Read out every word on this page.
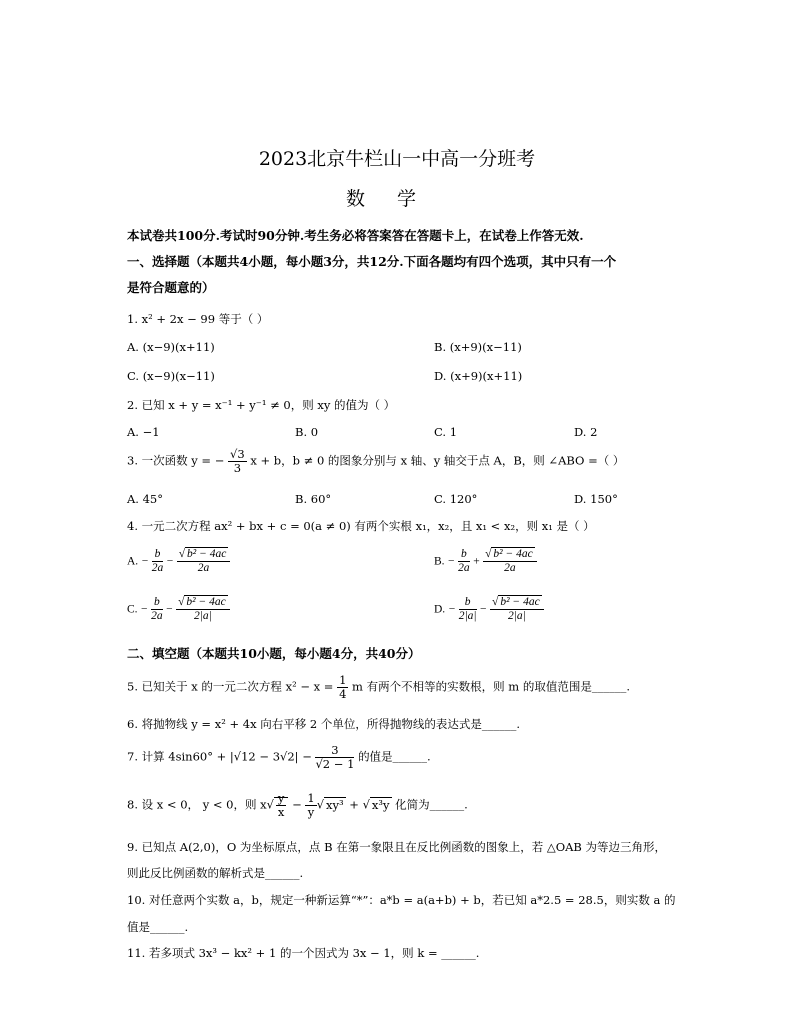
2023北京牛栏山一中高一分班考
数学
本试卷共100分.考试时90分钟.考生务必将答案答在答题卡上，在试卷上作答无效.
一、选择题（本题共4小题，每小题3分，共12分.下面各题均有四个选项，其中只有一个
是符合题意的）
1. x² + 2x − 99 等于（ ）
A. (x−9)(x+11)	B. (x+9)(x−11)
C. (x−9)(x−11)	D. (x+9)(x+11)
2. 已知 x + y = x⁻¹ + y⁻¹ ≠ 0，则 xy 的值为（ ）
A. −1	B. 0	C. 1	D. 2
3. 一次函数 y = − $\frac{√3}{3}$ x + b，b ≠ 0 的图象分别与 x 轴、y 轴交于点 A，B，则 ∠ABO =（ ）
A. 45°	B. 60°	C. 120°	D. 150°
4. 一元二次方程 ax² + bx + c = 0(a ≠ 0) 有两个实根 x₁，x₂，且 x₁ < x₂，则 x₁ 是（ ）
A. − $\frac{b}{2a} - \frac{\text{√ b² − 4ac}}{2a}$	B. − $\frac{b}{2a} + \frac{\text{√ b² − 4ac}}{2a}$
C. − $\frac{b}{2a} - \frac{\text{√ b² − 4ac}}{2|a|}$	D. − $\frac{b}{2|a|} - \frac{\text{√ b² − 4ac}}{2|a|}$
二、填空题（本题共10小题，每小题4分，共40分）
5. 已知关于 x 的一元二次方程 $x^2 - x = \frac{1}{4}$ m 有两个不相等的实数根，则 m 的取值范围是______.
6. 将抛物线 y = x² + 4x 向右平移 2 个单位，所得抛物线的表达式是______.
7. 计算 $4\sin 60^\circ + |√12 - 3√2| - \frac{3}{√2 - 1}$ 的值是______.
8. 设 x < 0， y < 0，则 $x√ \frac{y}{x} - \frac{1}{y}$ √ xy³ + √ x³y 化简为______.
9. 已知点 A(2,0)，O 为坐标原点，点 B 在第一象限且在反比例函数的图象上，若 △OAB 为等边三角形，
则此反比例函数的解析式是______.
10. 对任意两个实数 a，b，规定一种新运算“*”：a*b = a(a+b) + b，若已知 a*2.5 = 28.5，则实数 a 的
值是______.
11. 若多项式 3x³ − kx² + 1 的一个因式为 3x − 1，则 k = ______.
